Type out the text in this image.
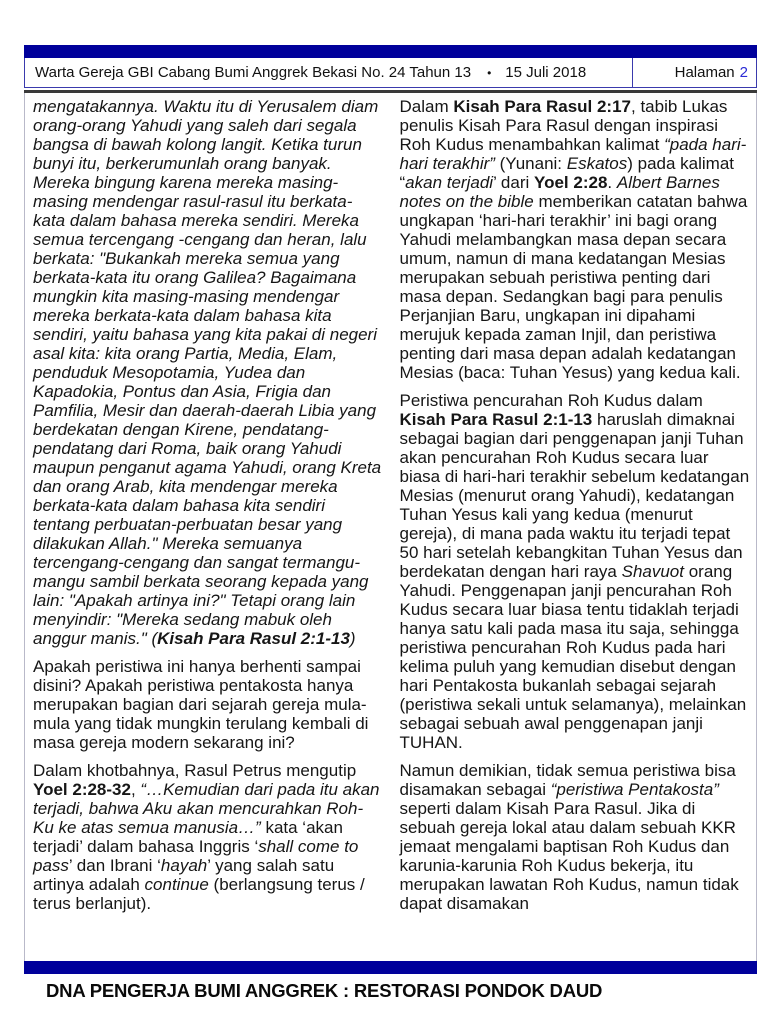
Warta Gereja GBI Cabang Bumi Anggrek Bekasi No. 24 Tahun 13 • 15 Juli 2018	Halaman 2

mengatakannya. Waktu itu di Yerusalem diam orang-orang Yahudi yang saleh dari segala bangsa di bawah kolong langit. Ketika turun bunyi itu, berkerumunlah orang banyak. Mereka bingung karena mereka masing-masing mendengar rasul-rasul itu berkata-kata dalam bahasa mereka sendiri. Mereka semua tercengang -cengang dan heran, lalu berkata: "Bukankah mereka semua yang berkata-kata itu orang Galilea? Bagaimana mungkin kita masing-masing mendengar mereka berkata-kata dalam bahasa kita sendiri, yaitu bahasa yang kita pakai di negeri asal kita: kita orang Partia, Media, Elam, penduduk Mesopotamia, Yudea dan Kapadokia, Pontus dan Asia, Frigia dan Pamfilia, Mesir dan daerah-daerah Libia yang berdekatan dengan Kirene, pendatang-pendatang dari Roma, baik orang Yahudi maupun penganut agama Yahudi, orang Kreta dan orang Arab, kita mendengar mereka berkata-kata dalam bahasa kita sendiri tentang perbuatan-perbuatan besar yang dilakukan Allah." Mereka semuanya tercengang-cengang dan sangat termangu-mangu sambil berkata seorang kepada yang lain: "Apakah artinya ini?" Tetapi orang lain menyindir: "Mereka sedang mabuk oleh anggur manis." (Kisah Para Rasul 2:1-13)

Apakah peristiwa ini hanya berhenti sampai disini? Apakah peristiwa pentakosta hanya merupakan bagian dari sejarah gereja mula-mula yang tidak mungkin terulang kembali di masa gereja modern sekarang ini?

Dalam khotbahnya, Rasul Petrus mengutip Yoel 2:28-32, “…Kemudian dari pada itu akan terjadi, bahwa Aku akan mencurahkan Roh-Ku ke atas semua manusia…” kata ‘akan terjadi’ dalam bahasa Inggris ‘shall come to pass’ dan Ibrani ‘hayah’ yang salah satu artinya adalah continue (berlangsung terus / terus berlanjut).

Dalam Kisah Para Rasul 2:17, tabib Lukas penulis Kisah Para Rasul dengan inspirasi Roh Kudus menambahkan kalimat “pada hari-hari terakhir” (Yunani: Eskatos) pada kalimat “akan terjadi’ dari Yoel 2:28. Albert Barnes notes on the bible memberikan catatan bahwa ungkapan ‘hari-hari terakhir’ ini bagi orang Yahudi melambangkan masa depan secara umum, namun di mana kedatangan Mesias merupakan sebuah peristiwa penting dari masa depan. Sedangkan bagi para penulis Perjanjian Baru, ungkapan ini dipahami merujuk kepada zaman Injil, dan peristiwa penting dari masa depan adalah kedatangan Mesias (baca: Tuhan Yesus) yang kedua kali.

Peristiwa pencurahan Roh Kudus dalam Kisah Para Rasul 2:1-13 haruslah dimaknai sebagai bagian dari penggenapan janji Tuhan akan pencurahan Roh Kudus secara luar biasa di hari-hari terakhir sebelum kedatangan Mesias (menurut orang Yahudi), kedatangan Tuhan Yesus kali yang kedua (menurut gereja), di mana pada waktu itu terjadi tepat 50 hari setelah kebangkitan Tuhan Yesus dan berdekatan dengan hari raya Shavuot orang Yahudi. Penggenapan janji pencurahan Roh Kudus secara luar biasa tentu tidaklah terjadi hanya satu kali pada masa itu saja, sehingga peristiwa pencurahan Roh Kudus pada hari kelima puluh yang kemudian disebut dengan hari Pentakosta bukanlah sebagai sejarah (peristiwa sekali untuk selamanya), melainkan sebagai sebuah awal penggenapan janji TUHAN.

Namun demikian, tidak semua peristiwa bisa disamakan sebagai “peristiwa Pentakosta” seperti dalam Kisah Para Rasul. Jika di sebuah gereja lokal atau dalam sebuah KKR jemaat mengalami baptisan Roh Kudus dan karunia-karunia Roh Kudus bekerja, itu merupakan lawatan Roh Kudus, namun tidak dapat disamakan

DNA PENGERJA BUMI ANGGREK : RESTORASI PONDOK DAUD
